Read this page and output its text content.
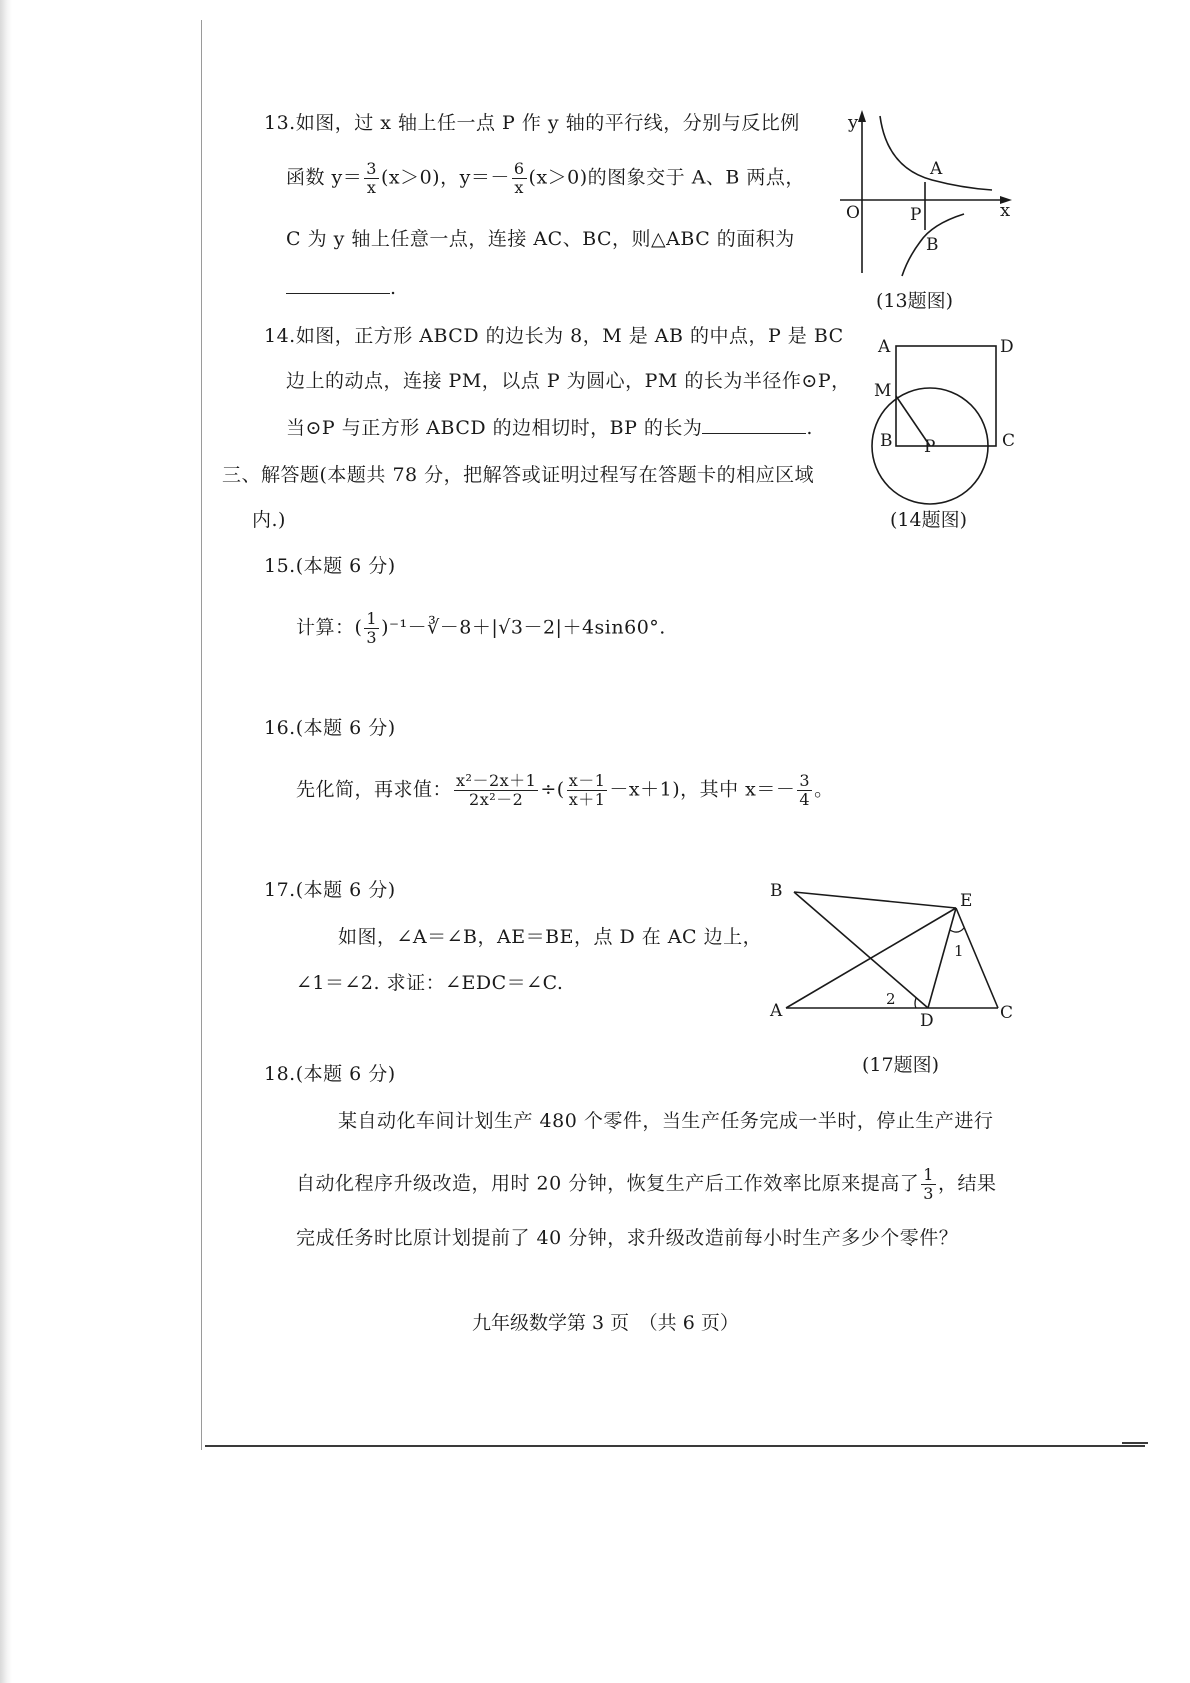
13.如图，过 x 轴上任一点 P 作 y 轴的平行线，分别与反比例
函数 $y= \frac{3}{x} (x>0)$，$y=- \frac{6}{x} (x>0)$的图象交于 A、B 两点，
C 为 y 轴上任意一点，连接 AC、BC，则△ABC 的面积为
.
y
x
O
A
P
B
(13题图)
14.如图，正方形 ABCD 的边长为 8，M 是 AB 的中点，P 是 BC
边上的动点，连接 PM，以点 P 为圆心，PM 的长为半径作⊙P，
当⊙P 与正方形 ABCD 的边相切时，BP 的长为	.
A	D
M
B P	C
(14题图)
三、解答题(本题共 78 分，把解答或证明过程写在答题卡的相应区域
内.)
15.(本题 6 分)
计算：( $\frac{1}{3}$ )⁻¹－∛－8＋|√3－2|＋4sin60°.
16.(本题 6 分)
先化简，再求值： $\frac{\text{x²－2x＋1}}{\text{2x²－2}}$ ÷( $\frac{x-1}{x+1} -x+1$)，其中 $x=- \frac{3}{4}$ 。
17.(本题 6 分)
如图，∠A＝∠B，AE＝BE，点 D 在 AC 边上，
∠1＝∠2. 求证：∠EDC＝∠C.
B	E
1
2
A	D	C
(17题图)
18.(本题 6 分)
某自动化车间计划生产 480 个零件，当生产任务完成一半时，停止生产进行
自动化程序升级改造，用时 20 分钟，恢复生产后工作效率比原来提高了 $\frac{1}{3}$ ，结果
完成任务时比原计划提前了 40 分钟，求升级改造前每小时生产多少个零件？
九年级数学第 3 页　（共 6 页）
